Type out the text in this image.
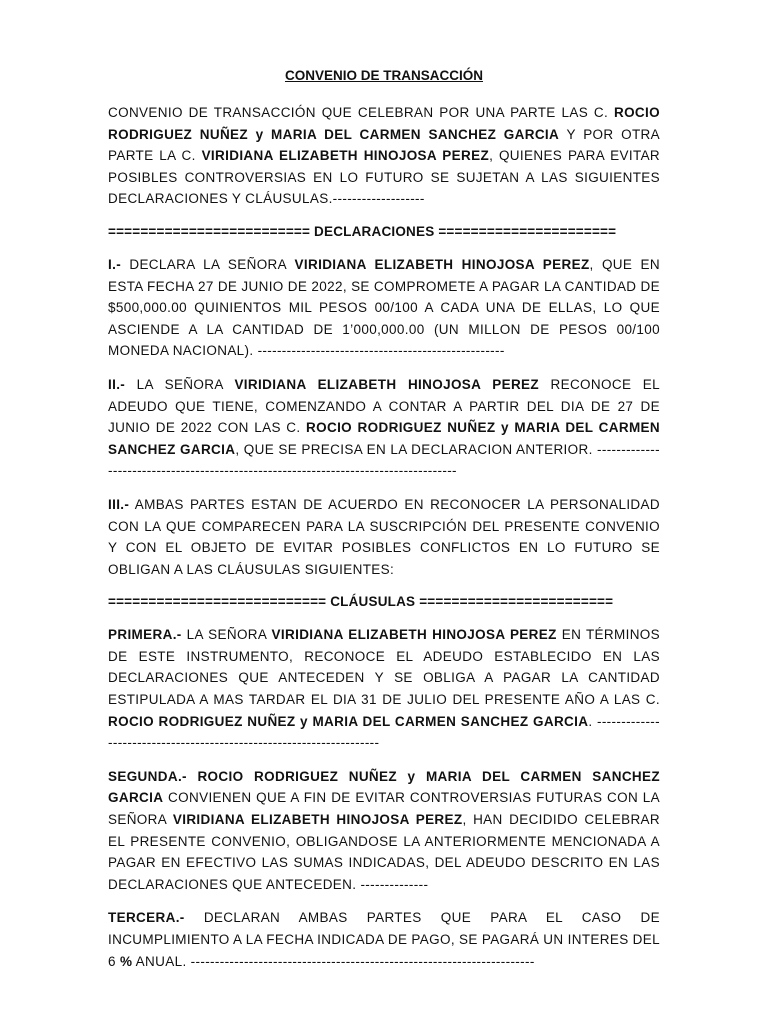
CONVENIO DE TRANSACCIÓN

CONVENIO DE TRANSACCIÓN QUE CELEBRAN POR UNA PARTE LAS C. ROCIO RODRIGUEZ NUÑEZ y MARIA DEL CARMEN SANCHEZ GARCIA Y POR OTRA PARTE LA C. VIRIDIANA ELIZABETH HINOJOSA PEREZ, QUIENES PARA EVITAR POSIBLES CONTROVERSIAS EN LO FUTURO SE SUJETAN A LAS SIGUIENTES DECLARACIONES Y CLÁUSULAS.-------------------

========================= DECLARACIONES ======================

I.- DECLARA LA SEÑORA VIRIDIANA ELIZABETH HINOJOSA PEREZ, QUE EN ESTA FECHA 27 DE JUNIO DE 2022, SE COMPROMETE A PAGAR LA CANTIDAD DE $500,000.00 QUINIENTOS MIL PESOS 00/100 A CADA UNA DE ELLAS, LO QUE ASCIENDE A LA CANTIDAD DE 1’000,000.00 (UN MILLON DE PESOS 00/100 MONEDA NACIONAL). ---------------------------------------------------

II.- LA SEÑORA VIRIDIANA ELIZABETH HINOJOSA PEREZ RECONOCE EL ADEUDO QUE TIENE, COMENZANDO A CONTAR A PARTIR DEL DIA DE 27 DE JUNIO DE 2022 CON LAS C. ROCIO RODRIGUEZ NUÑEZ y MARIA DEL CARMEN SANCHEZ GARCIA, QUE SE PRECISA EN LA DECLARACION ANTERIOR. -------------------------------------------------------------------------------------

III.- AMBAS PARTES ESTAN DE ACUERDO EN RECONOCER LA PERSONALIDAD CON LA QUE COMPARECEN PARA LA SUSCRIPCIÓN DEL PRESENTE CONVENIO Y CON EL OBJETO DE EVITAR POSIBLES CONFLICTOS EN LO FUTURO SE OBLIGAN A LAS CLÁUSULAS SIGUIENTES:

=========================== CLÁUSULAS ========================

PRIMERA.- LA SEÑORA VIRIDIANA ELIZABETH HINOJOSA PEREZ EN TÉRMINOS DE ESTE INSTRUMENTO, RECONOCE EL ADEUDO ESTABLECIDO EN LAS DECLARACIONES QUE ANTECEDEN Y SE OBLIGA A PAGAR LA CANTIDAD ESTIPULADA A MAS TARDAR EL DIA 31 DE JULIO DEL PRESENTE AÑO A LAS C. ROCIO RODRIGUEZ NUÑEZ y MARIA DEL CARMEN SANCHEZ GARCIA. ---------------------------------------------------------------------

SEGUNDA.- ROCIO RODRIGUEZ NUÑEZ y MARIA DEL CARMEN SANCHEZ GARCIA CONVIENEN QUE A FIN DE EVITAR CONTROVERSIAS FUTURAS CON LA SEÑORA VIRIDIANA ELIZABETH HINOJOSA PEREZ, HAN DECIDIDO CELEBRAR EL PRESENTE CONVENIO, OBLIGANDOSE LA ANTERIORMENTE MENCIONADA A PAGAR EN EFECTIVO LAS SUMAS INDICADAS, DEL ADEUDO DESCRITO EN LAS DECLARACIONES QUE ANTECEDEN. --------------

TERCERA.- DECLARAN AMBAS PARTES QUE PARA EL CASO DE INCUMPLIMIENTO A LA FECHA INDICADA DE PAGO, SE PAGARÁ UN INTERES DEL 6 % ANUAL. -----------------------------------------------------------------------
